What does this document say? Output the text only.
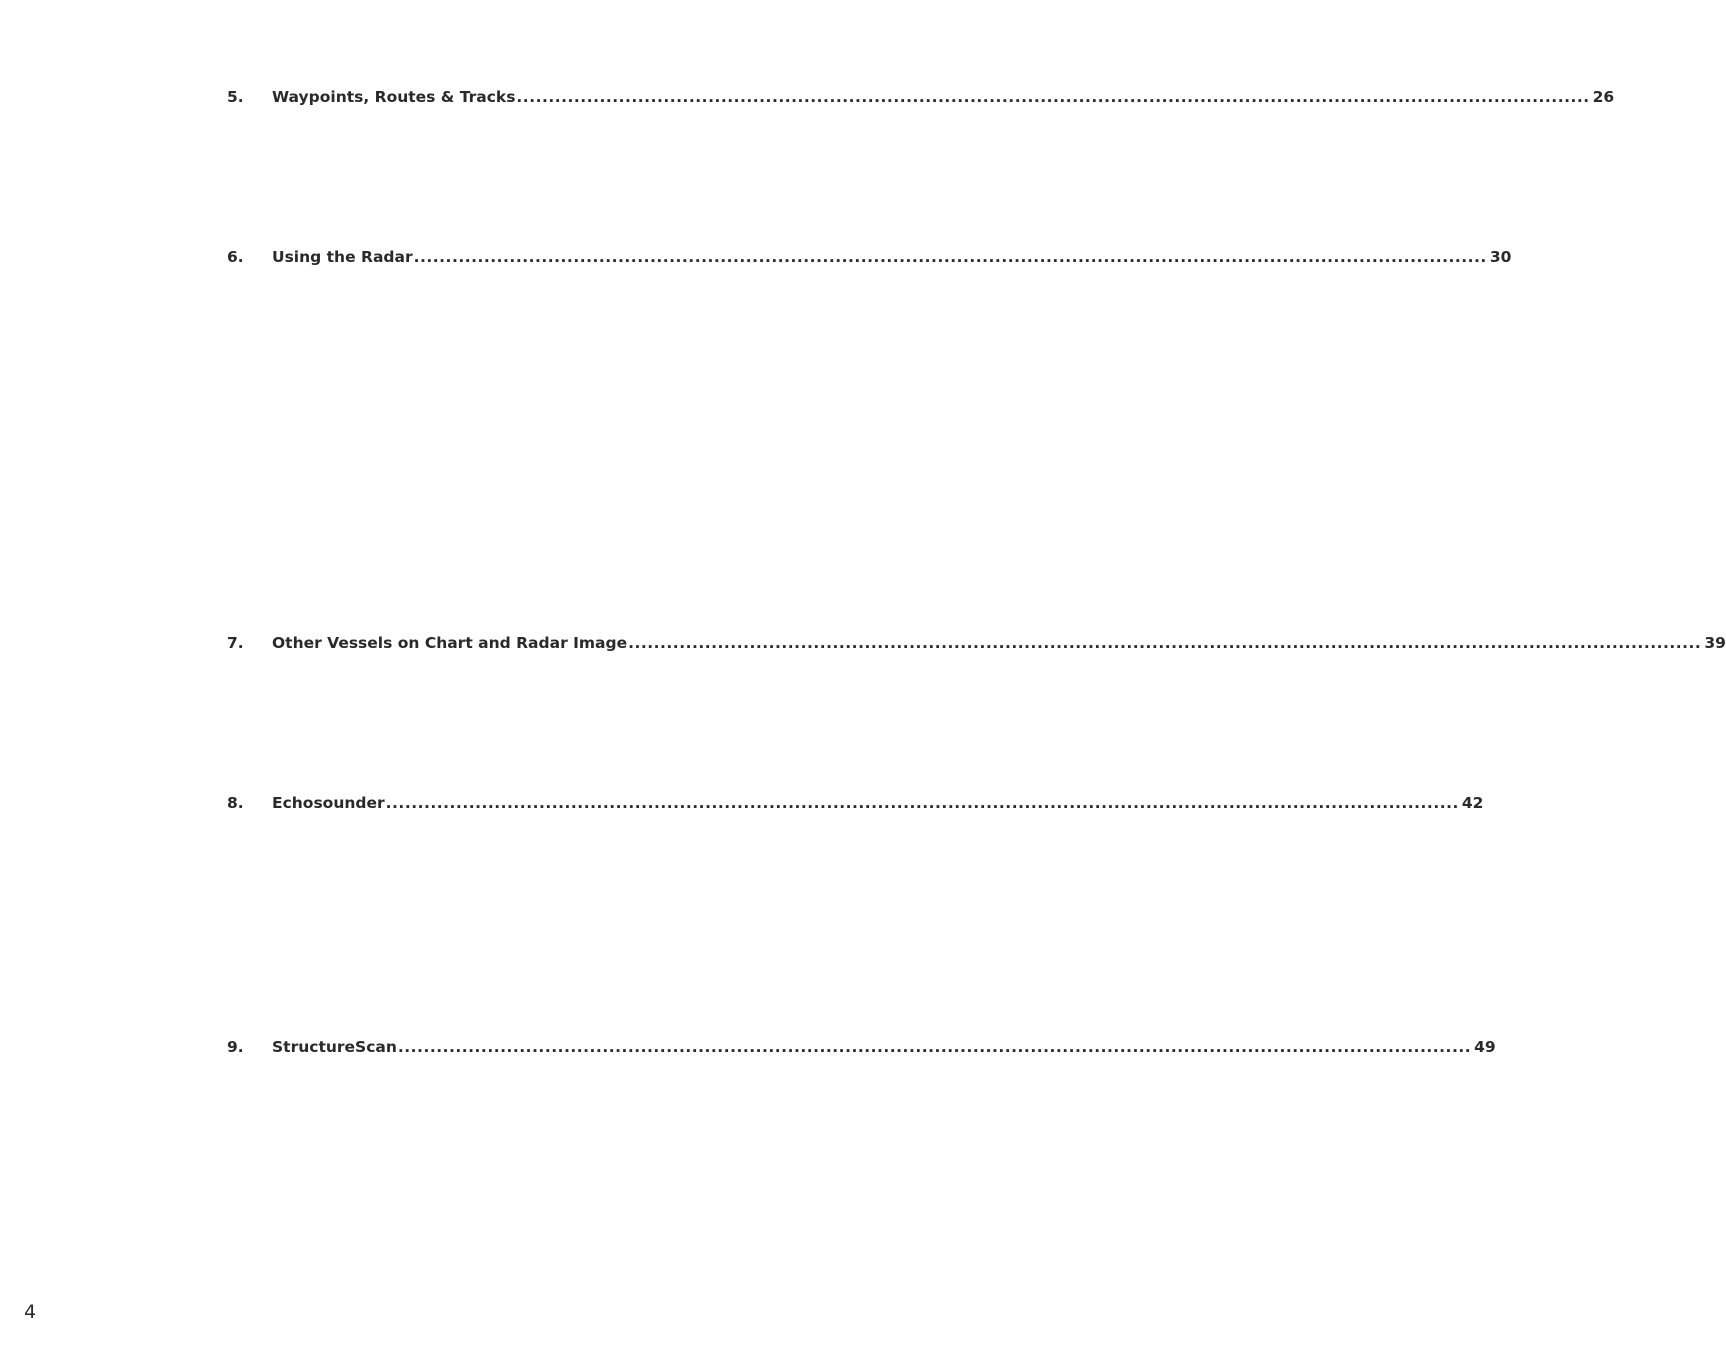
5. Waypoints, Routes & Tracks ........................................................................................................................................................................ 26
6. Using the Radar ........................................................................................................................................................................ 30
7. Other Vessels on Chart and Radar Image ........................................................................................................................................................................ 39
8. Echosounder ........................................................................................................................................................................ 42
9. StructureScan ........................................................................................................................................................................ 49
4
